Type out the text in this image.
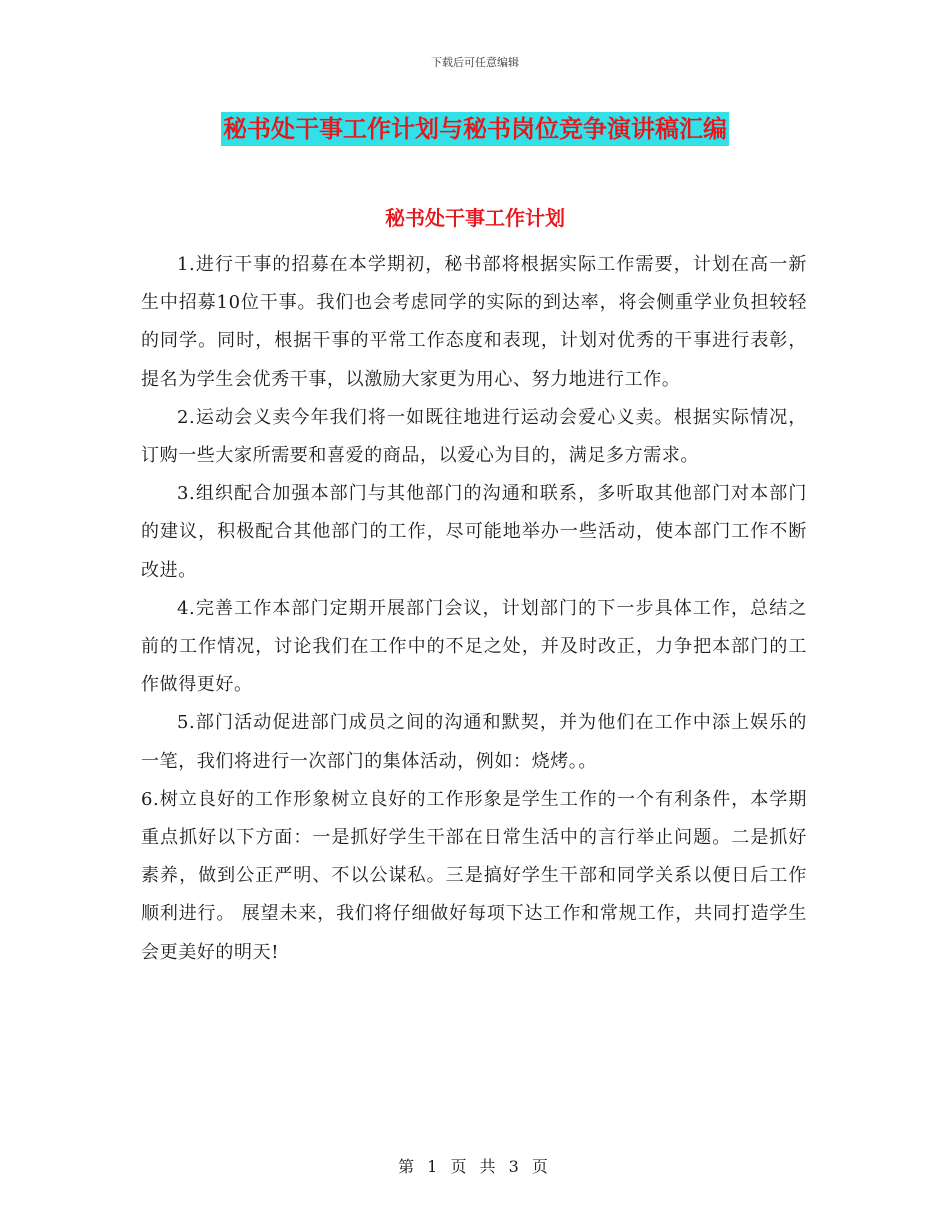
下载后可任意编辑
秘书处干事工作计划与秘书岗位竞争演讲稿汇编
秘书处干事工作计划

1.进行干事的招募在本学期初，秘书部将根据实际工作需要，计划在高一新生中招募10位干事。我们也会考虑同学的实际的到达率，将会侧重学业负担较轻的同学。同时，根据干事的平常工作态度和表现，计划对优秀的干事进行表彰，提名为学生会优秀干事，以激励大家更为用心、努力地进行工作。

2.运动会义卖今年我们将一如既往地进行运动会爱心义卖。根据实际情况，订购一些大家所需要和喜爱的商品，以爱心为目的，满足多方需求。

3.组织配合加强本部门与其他部门的沟通和联系，多听取其他部门对本部门的建议，积极配合其他部门的工作，尽可能地举办一些活动，使本部门工作不断改进。

4.完善工作本部门定期开展部门会议，计划部门的下一步具体工作，总结之前的工作情况，讨论我们在工作中的不足之处，并及时改正，力争把本部门的工作做得更好。

5.部门活动促进部门成员之间的沟通和默契，并为他们在工作中添上娱乐的一笔，我们将进行一次部门的集体活动，例如：烧烤。。

6.树立良好的工作形象树立良好的工作形象是学生工作的一个有利条件，本学期重点抓好以下方面：一是抓好学生干部在日常生活中的言行举止问题。二是抓好素养，做到公正严明、不以公谋私。三是搞好学生干部和同学关系以便日后工作顺利进行。 展望未来，我们将仔细做好每项下达工作和常规工作，共同打造学生会更美好的明天!

第 1 页 共 3 页
